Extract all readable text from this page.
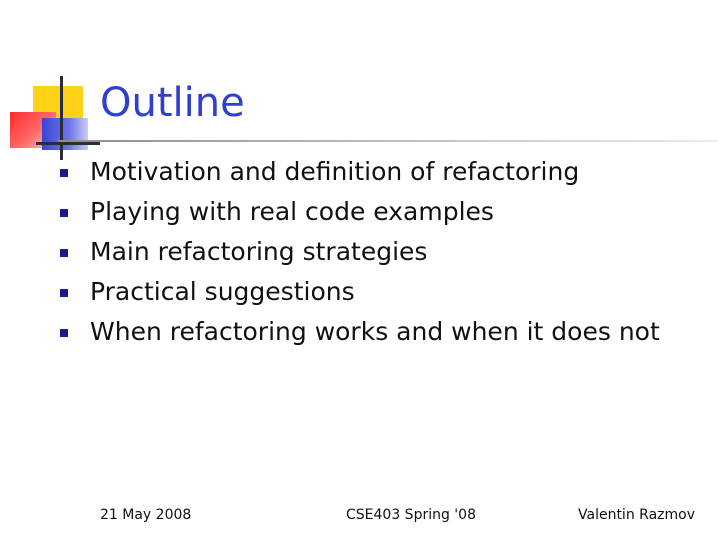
Outline
Motivation and definition of refactoring
Playing with real code examples
Main refactoring strategies
Practical suggestions
When refactoring works and when it does not
21 May 2008	CSE403 Spring '08	Valentin Razmov
